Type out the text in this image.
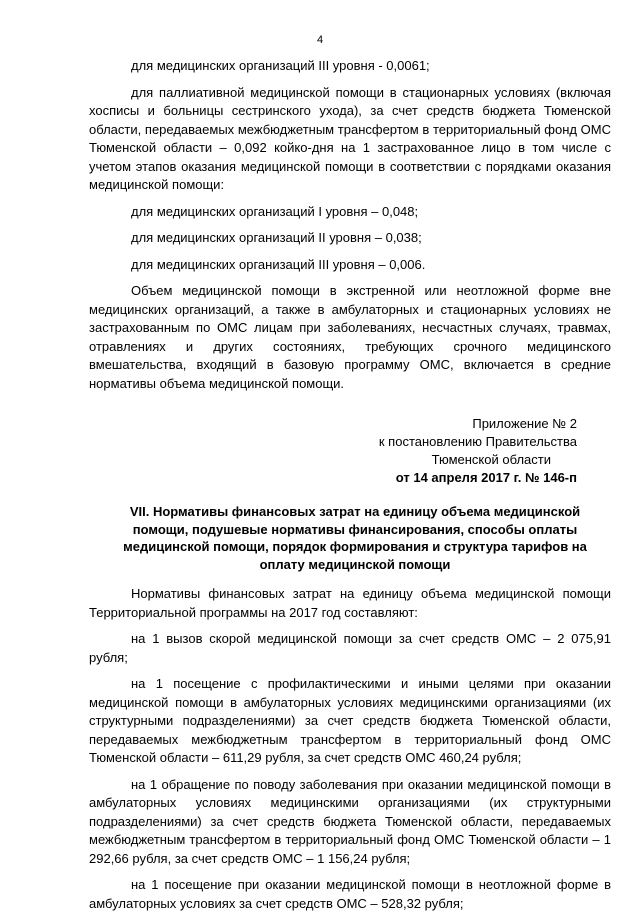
4

для медицинских организаций III уровня - 0,0061;

для паллиативной медицинской помощи в стационарных условиях (включая хосписы и больницы сестринского ухода), за счет средств бюджета Тюменской области, передаваемых межбюджетным трансфертом в территориальный фонд ОМС Тюменской области – 0,092 койко-дня на 1 застрахованное лицо в том числе с учетом этапов оказания медицинской помощи в соответствии с порядками оказания медицинской помощи:

для медицинских организаций I уровня – 0,048;

для медицинских организаций II уровня – 0,038;

для медицинских организаций III уровня – 0,006.

Объем медицинской помощи в экстренной или неотложной форме вне медицинских организаций, а также в амбулаторных и стационарных условиях не застрахованным по ОМС лицам при заболеваниях, несчастных случаях, травмах, отравлениях и других состояниях, требующих срочного медицинского вмешательства, входящий в базовую программу ОМС, включается в средние нормативы объема медицинской помощи.

Приложение № 2
к постановлению Правительства
Тюменской области
от 14 апреля 2017 г. № 146-п
VII. Нормативы финансовых затрат на единицу объема медицинской помощи, подушевые нормативы финансирования, способы оплаты медицинской помощи, порядок формирования и структура тарифов на оплату медицинской помощи

Нормативы финансовых затрат на единицу объема медицинской помощи Территориальной программы на 2017 год составляют:

на 1 вызов скорой медицинской помощи за счет средств ОМС – 2 075,91 рубля;

на 1 посещение с профилактическими и иными целями при оказании медицинской помощи в амбулаторных условиях медицинскими организациями (их структурными подразделениями) за счет средств бюджета Тюменской области, передаваемых межбюджетным трансфертом в территориальный фонд ОМС Тюменской области – 611,29 рубля, за счет средств ОМС 460,24 рубля;

на 1 обращение по поводу заболевания при оказании медицинской помощи в амбулаторных условиях медицинскими организациями (их структурными подразделениями) за счет средств бюджета Тюменской области, передаваемых межбюджетным трансфертом в территориальный фонд ОМС Тюменской области – 1 292,66 рубля, за счет средств ОМС – 1 156,24 рубля;

на 1 посещение при оказании медицинской помощи в неотложной форме в амбулаторных условиях за счет средств ОМС – 528,32 рубля;
